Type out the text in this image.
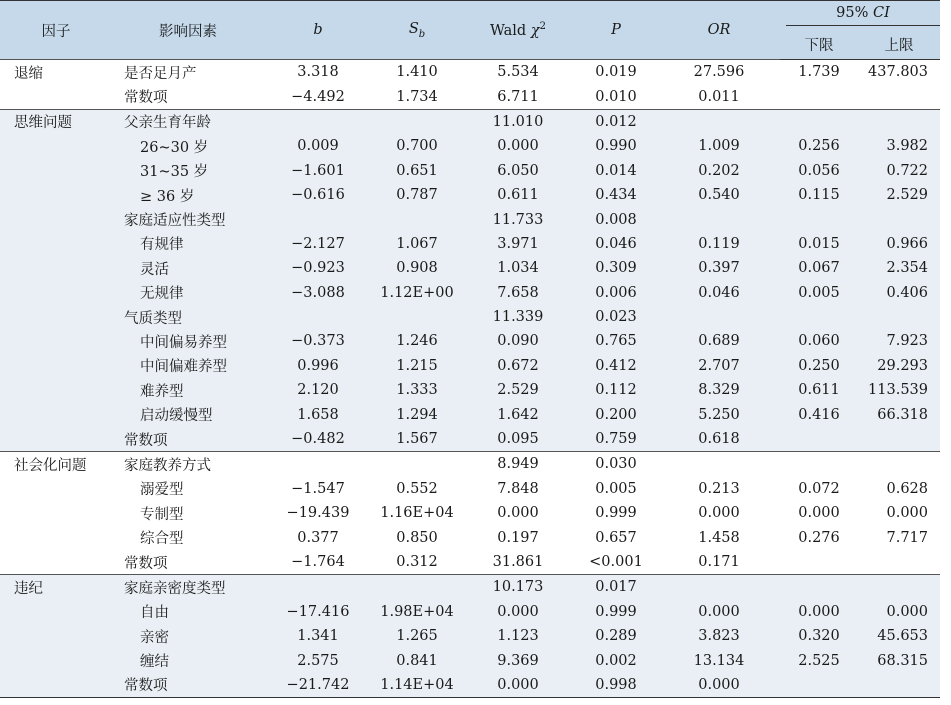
因子	影响因素	b	$S_b$	Wald $\chi^2$	P	OR	95% CI	

							下限	上限
退缩	是否足月产	3.318	1.410	5.534	0.019	27.596	1.739	437.803
	常数项	−4.492	1.734	6.711	0.010	0.011		
思维问题	父亲生育年龄			11.010	0.012			
	26~30 岁	0.009	0.700	0.000	0.990	1.009	0.256	3.982
	31~35 岁	−1.601	0.651	6.050	0.014	0.202	0.056	0.722
	≥ 36 岁	−0.616	0.787	0.611	0.434	0.540	0.115	2.529
	家庭适应性类型			11.733	0.008			
	有规律	−2.127	1.067	3.971	0.046	0.119	0.015	0.966
	灵活	−0.923	0.908	1.034	0.309	0.397	0.067	2.354
	无规律	−3.088	1.12E+00	7.658	0.006	0.046	0.005	0.406
	气质类型			11.339	0.023			
	中间偏易养型	−0.373	1.246	0.090	0.765	0.689	0.060	7.923
	中间偏难养型	0.996	1.215	0.672	0.412	2.707	0.250	29.293
	难养型	2.120	1.333	2.529	0.112	8.329	0.611	113.539
	启动缓慢型	1.658	1.294	1.642	0.200	5.250	0.416	66.318
	常数项	−0.482	1.567	0.095	0.759	0.618		
社会化问题	家庭教养方式			8.949	0.030			
	溺爱型	−1.547	0.552	7.848	0.005	0.213	0.072	0.628
	专制型	−19.439	1.16E+04	0.000	0.999	0.000	0.000	0.000
	综合型	0.377	0.850	0.197	0.657	1.458	0.276	7.717
	常数项	−1.764	0.312	31.861	<0.001	0.171		
违纪	家庭亲密度类型			10.173	0.017			
	自由	−17.416	1.98E+04	0.000	0.999	0.000	0.000	0.000
	亲密	1.341	1.265	1.123	0.289	3.823	0.320	45.653
	缠结	2.575	0.841	9.369	0.002	13.134	2.525	68.315
	常数项	−21.742	1.14E+04	0.000	0.998	0.000		
